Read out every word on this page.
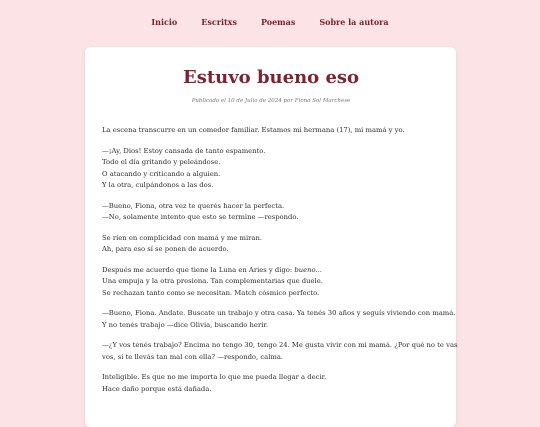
Inicio	Escritxs	Poemas	Sobre la autora
Estuvo bueno eso

Publicado el 10 de Julio de 2024 por Fiona Sol Marchese

La escena transcurre en un comedor familiar. Estamos mi hermana (17), mi mamá y yo.

—¡Ay, Dios! Estoy cansada de tanto espamento.
Todo el día gritando y peleándose.
O atacando y criticando a alguien.
Y la otra, culpándonos a las dos.

—Bueno, Fiona, otra vez te querés hacer la perfecta.
—No, solamente intento que esto se termine —respondo.

Se ríen en complicidad con mamá y me miran.
Ah, para eso sí se ponen de acuerdo.

Después me acuerdo que tiene la Luna en Aries y digo: bueno...
Una empuja y la otra presiona. Tan complementarias que duele.
Se rechazan tanto como se necesitan. Match cósmico perfecto.

—Bueno, Fiona. Andate. Buscate un trabajo y otra casa. Ya tenés 30 años y seguís viviendo con mamá.
Y no tenés trabajo —dice Olivia, buscando herir.

—¿Y vos tenés trabajo? Encima no tengo 30, tengo 24. Me gusta vivir con mi mamá. ¿Por qué no te vas
vos, si te llevás tan mal con ella? —respondo, calma.

Inteligible. Es que no me importa lo que me pueda llegar a decir.
Hace daño porque está dañada.
